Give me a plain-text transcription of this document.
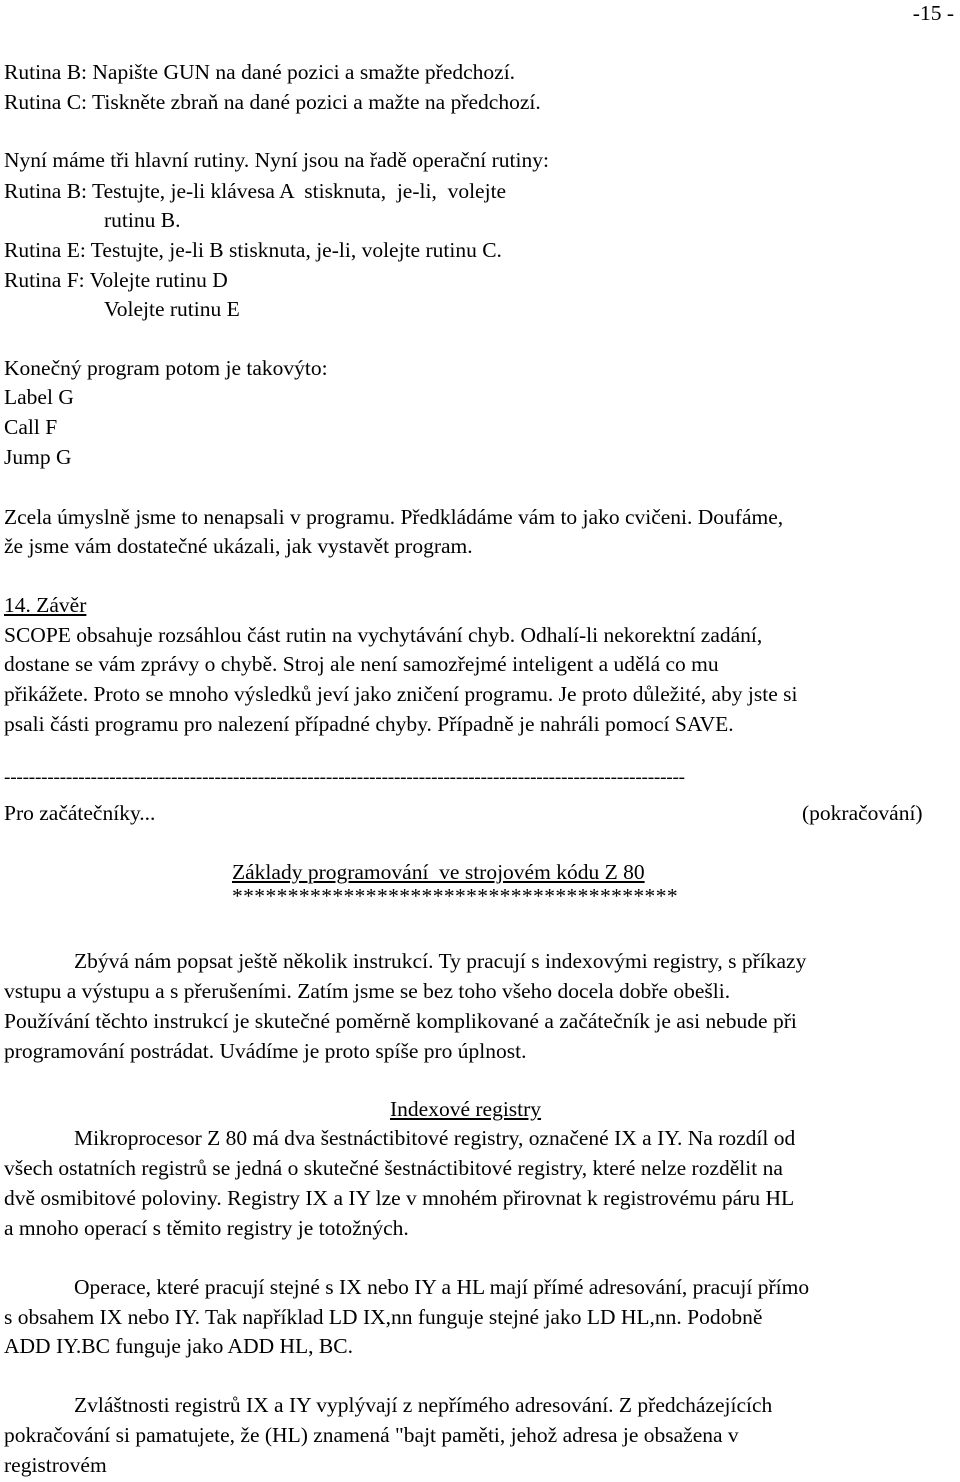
-15 -
Rutina B: Napište GUN na dané pozici a smažte předchozí.
Rutina C: Tiskněte zbraň na dané pozici a mažte na předchozí.
Nyní máme tři hlavní rutiny. Nyní jsou na řadě operační rutiny:
Rutina B: Testujte, je-li klávesa A  stisknuta,  je-li,  volejte
rutinu B.
Rutina E: Testujte, je-li B stisknuta, je-li, volejte rutinu C.
Rutina F: Volejte rutinu D
Volejte rutinu E
Konečný program potom je takovýto:
Label G
Call F
Jump G
Zcela úmyslně jsme to nenapsali v programu. Předkládáme vám to jako cvičeni. Doufáme,
že jsme vám dostatečné ukázali, jak vystavět program.
14. Závěr
SCOPE obsahuje rozsáhlou část rutin na vychytávání chyb. Odhalí-li nekorektní zadání,
dostane se vám zprávy o chybě. Stroj ale není samozřejmé inteligent a udělá co mu
přikážete. Proto se mnoho výsledků jeví jako zničení programu. Je proto důležité, aby jste si
psali části programu pro nalezení případné chyby. Případně je nahráli pomocí SAVE.
--------------------------------------------------------------------------------------------------------------
Pro začátečníky...	(pokračování)
Základy programování  ve strojovém kódu Z 80
****************************************
Zbývá nám popsat ještě několik instrukcí. Ty pracují s indexovými registry, s příkazy
vstupu a výstupu a s přerušeními. Zatím jsme se bez toho všeho docela dobře obešli.
Používání těchto instrukcí je skutečné poměrně komplikované a začátečník je asi nebude při
programování postrádat. Uvádíme je proto spíše pro úplnost.
Indexové registry
Mikroprocesor Z 80 má dva šestnáctibitové registry, označené IX a IY. Na rozdíl od
všech ostatních registrů se jedná o skutečné šestnáctibitové registry, které nelze rozdělit na
dvě osmibitové poloviny. Registry IX a IY lze v mnohém přirovnat k registrovému páru HL
a mnoho operací s těmito registry je totožných.
Operace, které pracují stejné s IX nebo IY a HL mají přímé adresování, pracují přímo
s obsahem IX nebo IY. Tak například LD IX,nn funguje stejné jako LD HL,nn. Podobně
ADD IY.BC funguje jako ADD HL, BC.
Zvláštnosti registrů IX a IY vyplývají z nepřímého adresování. Z předcházejících
pokračování si pamatujete, že (HL) znamená "bajt paměti, jehož adresa je obsažena v
registrovém
